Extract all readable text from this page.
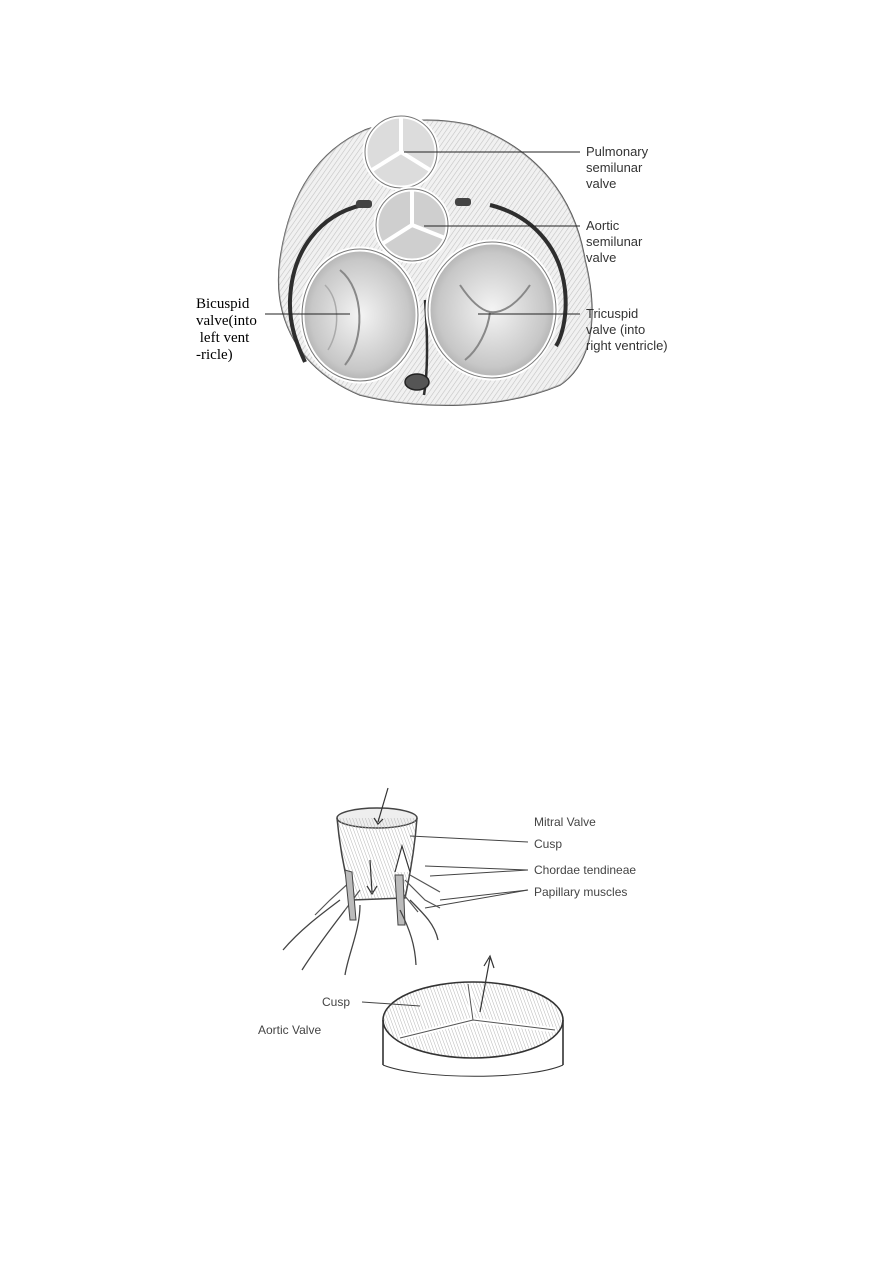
Pulmonary
semilunar
valve
Aortic
semilunar
valve
Tricuspid
valve (into
right ventricle)
Bicuspid
valve(into
left vent
-ricle)
Mitral Valve
Cusp
Chordae tendineae
Papillary muscles
Cusp
Aortic Valve
